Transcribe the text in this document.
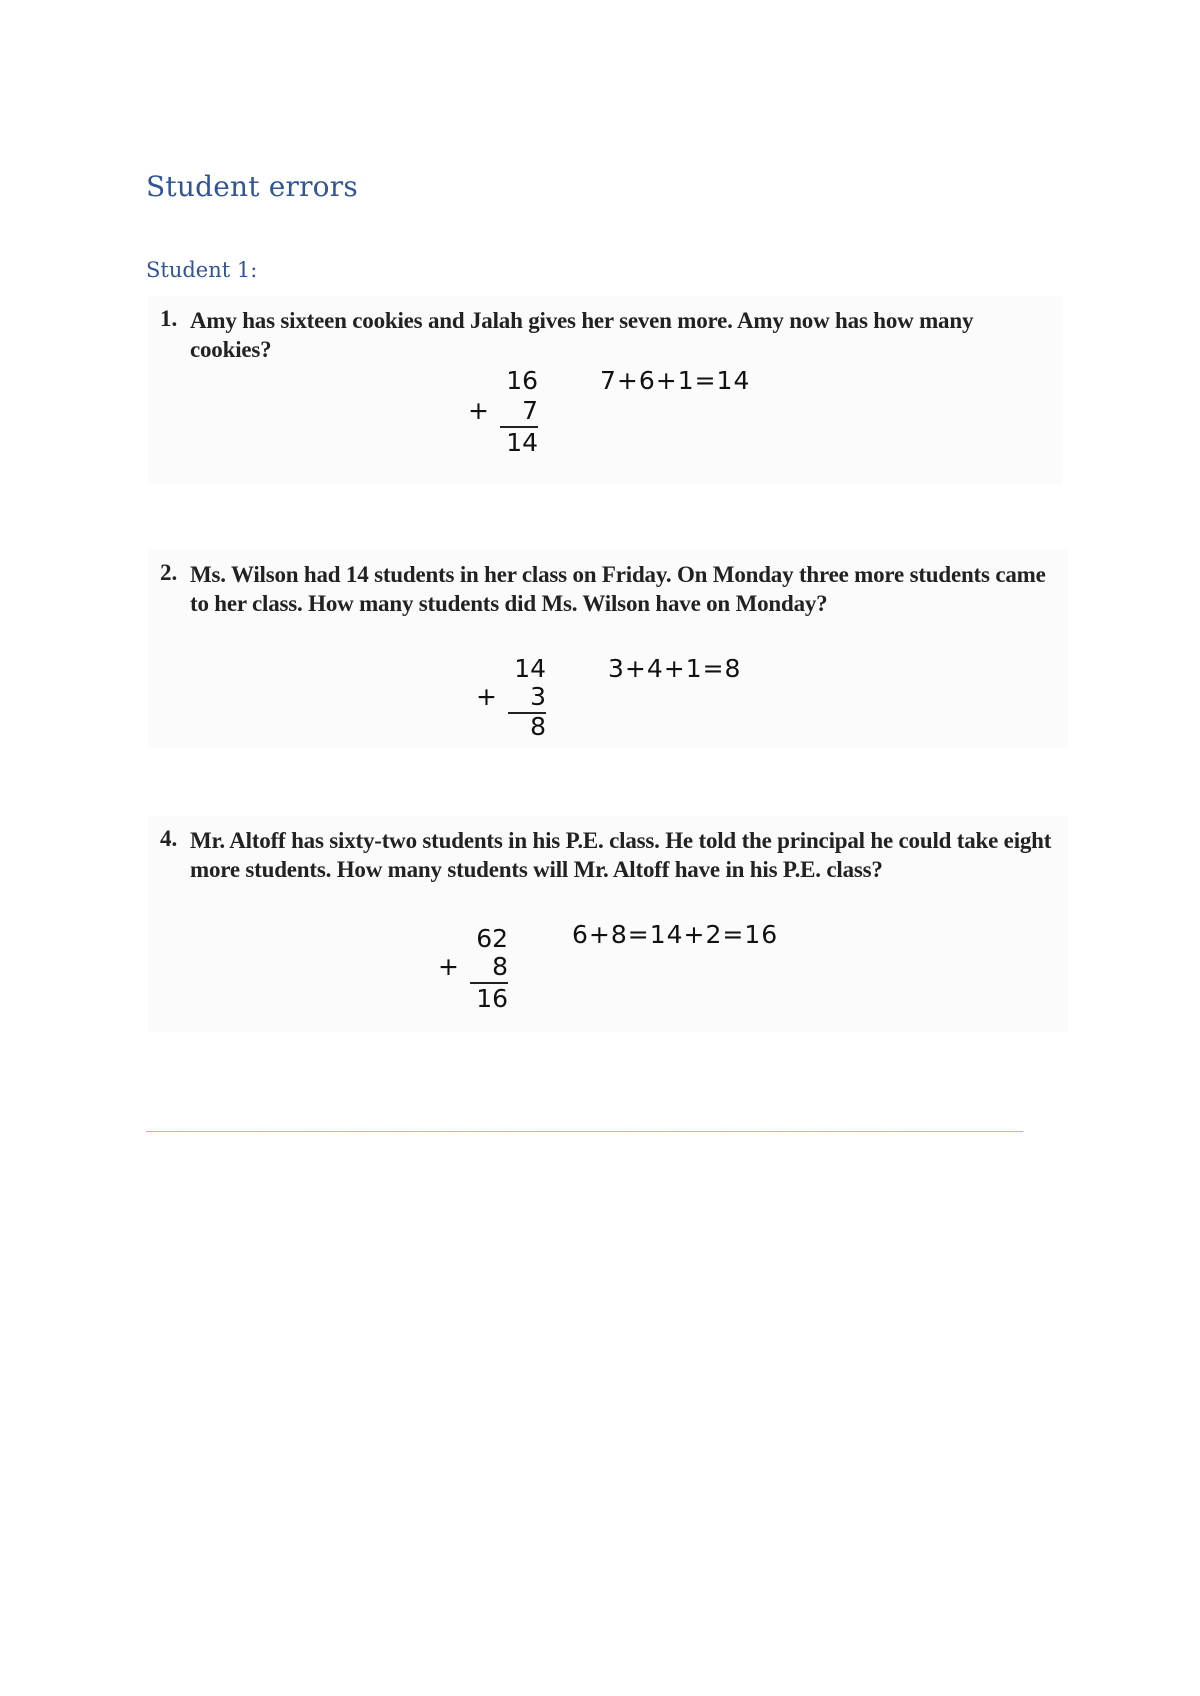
Student errors
Student 1:
1. Amy has sixteen cookies and Jalah gives her seven more. Amy now has how many cookies?
16
+ 7
14
7+6+1=14
2. Ms. Wilson had 14 students in her class on Friday. On Monday three more students came to her class. How many students did Ms. Wilson have on Monday?
14
+ 3
8
3+4+1=8
4. Mr. Altoff has sixty-two students in his P.E. class. He told the principal he could take eight more students. How many students will Mr. Altoff have in his P.E. class?
62
+ 8
16
6+8=14+2=16

________________________________________________________________________________________________________________
